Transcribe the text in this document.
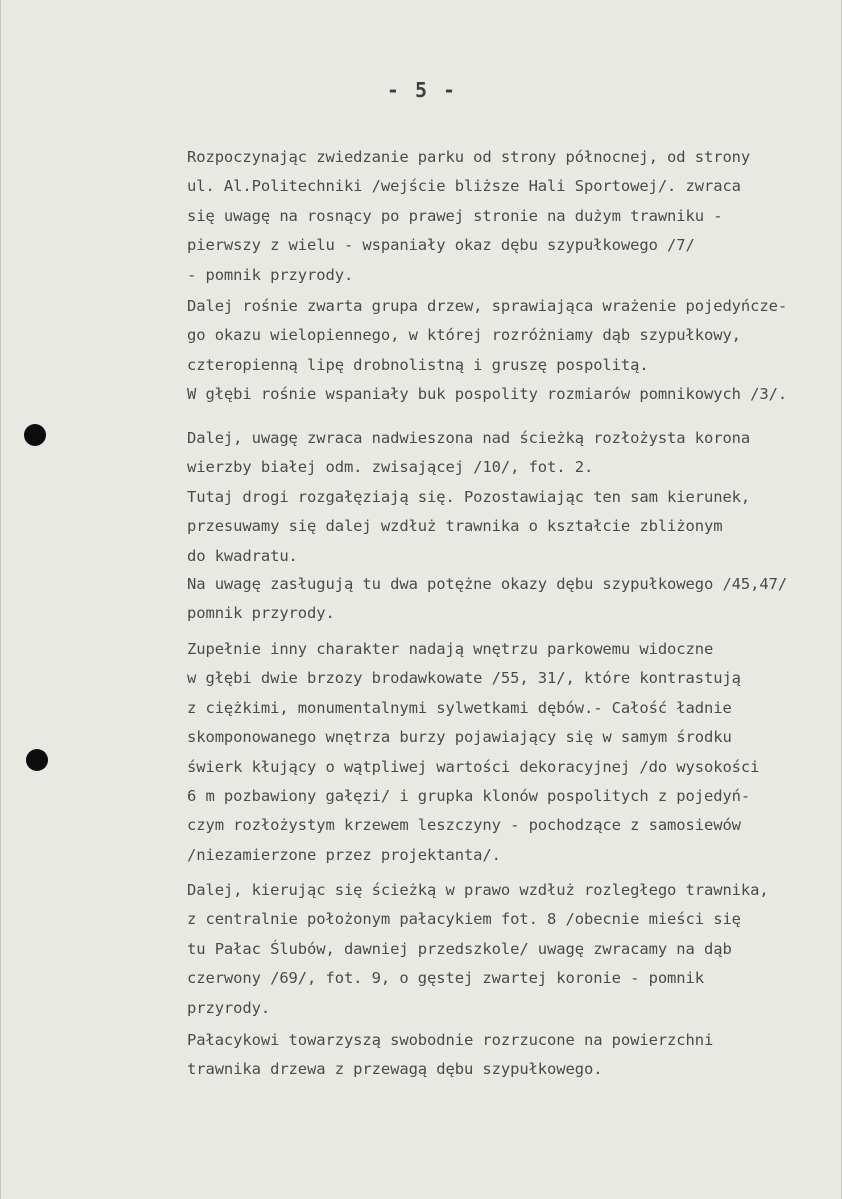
- 5 -
Rozpoczynając zwiedzanie parku od strony północnej, od strony
ul. Al.Politechniki /wejście bliższe Hali Sportowej/. zwraca
się uwagę na rosnący po prawej stronie na dużym trawniku -
pierwszy z wielu - wspaniały okaz dębu szypułkowego /7/
- pomnik przyrody.
Dalej rośnie zwarta grupa drzew, sprawiająca wrażenie pojedyńcze-
go okazu wielopiennego, w której rozróżniamy dąb szypułkowy,
czteropienną lipę drobnolistną i gruszę pospolitą.
W głębi rośnie wspaniały buk pospolity rozmiarów pomnikowych /3/.
Dalej, uwagę zwraca nadwieszona nad ścieżką rozłożysta korona
wierzby białej odm. zwisającej /10/, fot. 2.
Tutaj drogi rozgałęziają się. Pozostawiając ten sam kierunek,
przesuwamy się dalej wzdłuż trawnika o kształcie zbliżonym
do kwadratu.
Na uwagę zasługują tu dwa potężne okazy dębu szypułkowego /45,47/
pomnik przyrody.
Zupełnie inny charakter nadają wnętrzu parkowemu widoczne
w głębi dwie brzozy brodawkowate /55, 31/, które kontrastują
z ciężkimi, monumentalnymi sylwetkami dębów.- Całość ładnie
skomponowanego wnętrza burzy pojawiający się w samym środku
świerk kłujący o wątpliwej wartości dekoracyjnej /do wysokości
6 m pozbawiony gałęzi/ i grupka klonów pospolitych z pojedyń-
czym rozłożystym krzewem leszczyny - pochodzące z samosiewów
/niezamierzone przez projektanta/.
Dalej, kierując się ścieżką w prawo wzdłuż rozległego trawnika,
z centralnie położonym pałacykiem fot. 8 /obecnie mieści się
tu Pałac Ślubów, dawniej przedszkole/ uwagę zwracamy na dąb
czerwony /69/, fot. 9, o gęstej zwartej koronie - pomnik
przyrody.
Pałacykowi towarzyszą swobodnie rozrzucone na powierzchni
trawnika drzewa z przewagą dębu szypułkowego.
